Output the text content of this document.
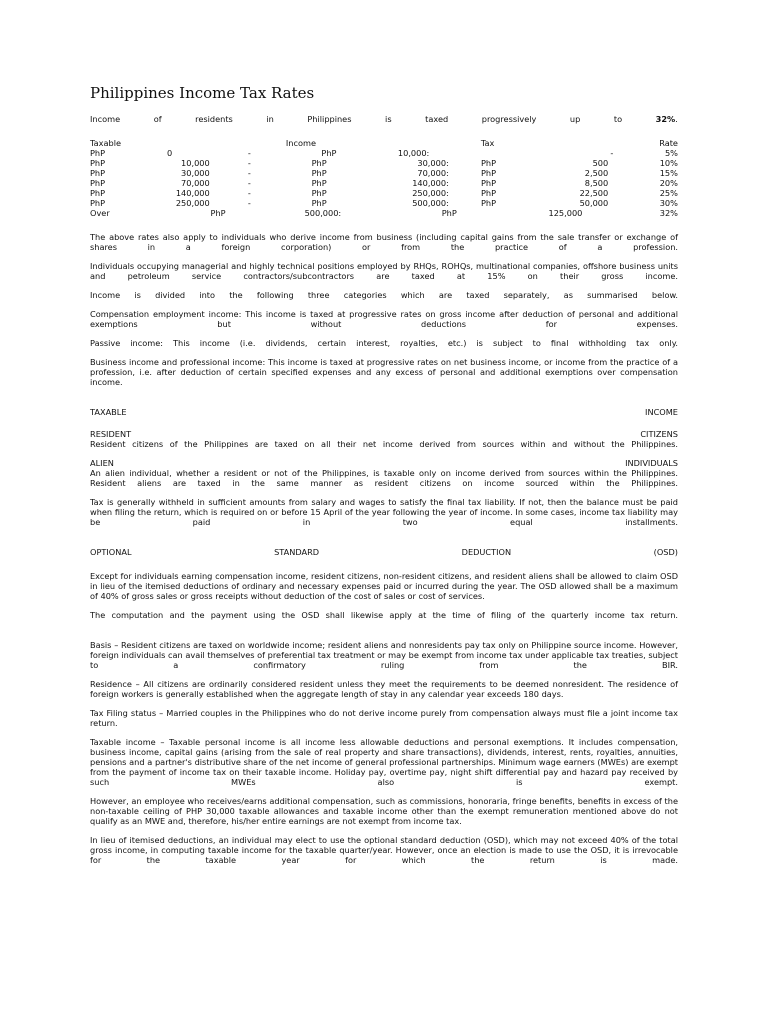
Philippines Income Tax Rates
Income	of	residents	in	Philippines	is	taxed	progressively	up	to	32%.
Taxable	Income	Tax	Rate
PhP	0	-	PhP	10,000:	-	5%
PhP	10,000	-	PhP	30,000:	PhP	500	10%
PhP	30,000	-	PhP	70,000:	PhP	2,500	15%
PhP	70,000	-	PhP	140,000:	PhP	8,500	20%
PhP	140,000	-	PhP	250,000:	PhP	22,500	25%
PhP	250,000	-	PhP	500,000:	PhP	50,000	30%
Over	PhP	500,000:	PhP	125,000	32%

The above rates also apply to individuals who derive income from business (including capital gains from the sale transfer or exchange of shares in a foreign corporation) or from the practice of a profession.

Individuals occupying managerial and highly technical positions employed by RHQs, ROHQs, multinational companies, offshore business units and petroleum service contractors/subcontractors are taxed at 15% on their gross income.

Income is divided into the following three categories which are taxed separately, as summarised below.

Compensation employment income: This income is taxed at progressive rates on gross income after deduction of personal and additional exemptions but without deductions for expenses.

Passive income: This income (i.e. dividends, certain interest, royalties, etc.) is subject to final withholding tax only.

Business income and professional income: This income is taxed at progressive rates on net business income, or income from the practice of a profession, i.e. after deduction of certain specified expenses and any excess of personal and additional exemptions over compensation income.

TAXABLE	INCOME
RESIDENT	CITIZENS

Resident citizens of the Philippines are taxed on all their net income derived from sources within and without the Philippines.

ALIEN	INDIVIDUALS

An alien individual, whether a resident or not of the Philippines, is taxable only on income derived from sources within the Philippines. Resident aliens are taxed in the same manner as resident citizens on income sourced within the Philippines.

Tax is generally withheld in sufficient amounts from salary and wages to satisfy the final tax liability. If not, then the balance must be paid when filing the return, which is required on or before 15 April of the year following the year of income. In some cases, income tax liability may be paid in two equal installments.

OPTIONAL	STANDARD	DEDUCTION	(OSD)

Except for individuals earning compensation income, resident citizens, non-resident citizens, and resident aliens shall be allowed to claim OSD in lieu of the itemised deductions of ordinary and necessary expenses paid or incurred during the year. The OSD allowed shall be a maximum of 40% of gross sales or gross receipts without deduction of the cost of sales or cost of services.

The computation and the payment using the OSD shall likewise apply at the time of filing of the quarterly income tax return.

Basis – Resident citizens are taxed on worldwide income; resident aliens and nonresidents pay tax only on Philippine source income. However, foreign individuals can avail themselves of preferential tax treatment or may be exempt from income tax under applicable tax treaties, subject to a confirmatory ruling from the BIR.

Residence – All citizens are ordinarily considered resident unless they meet the requirements to be deemed nonresident. The residence of foreign workers is generally established when the aggregate length of stay in any calendar year exceeds 180 days.

Tax Filing status – Married couples in the Philippines who do not derive income purely from compensation always must file a joint income tax return.

Taxable income – Taxable personal income is all income less allowable deductions and personal exemptions. It includes compensation, business income, capital gains (arising from the sale of real property and share transactions), dividends, interest, rents, royalties, annuities, pensions and a partner's distributive share of the net income of general professional partnerships. Minimum wage earners (MWEs) are exempt from the payment of income tax on their taxable income. Holiday pay, overtime pay, night shift differential pay and hazard pay received by such MWEs also is exempt.

However, an employee who receives/earns additional compensation, such as commissions, honoraria, fringe benefits, benefits in excess of the non-taxable ceiling of PHP 30,000 taxable allowances and taxable income other than the exempt remuneration mentioned above do not qualify as an MWE and, therefore, his/her entire earnings are not exempt from income tax.

In lieu of itemised deductions, an individual may elect to use the optional standard deduction (OSD), which may not exceed 40% of the total gross income, in computing taxable income for the taxable quarter/year. However, once an election is made to use the OSD, it is irrevocable for the taxable year for which the return is made.
